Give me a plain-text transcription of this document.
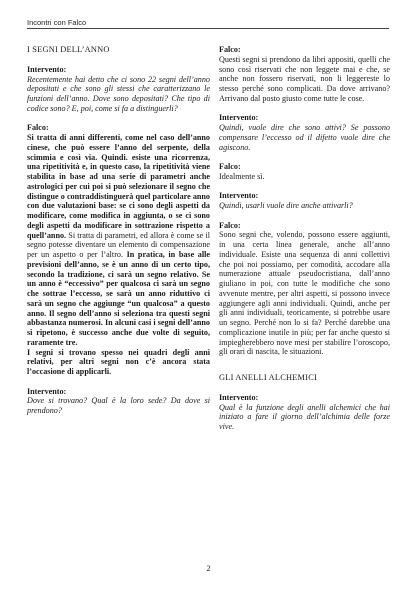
Incontri con Falco
I SEGNI DELL’ANNO
Intervento:
Recentemente hai detto che ci sono 22 segni dell’anno depositati e che sono gli stessi che caratterizzano le funzioni dell’anno. Dove sono depositati? Che tipo di codice sono? E, poi, come si fa a distinguerli?
Falco:
Si tratta di anni differenti, come nel caso dell’anno cinese, che può essere l’anno del serpente, della scimmia e così via. Quindi. esiste una ricorrenza, una ripetitività e, in questo caso, la ripetitività viene stabilita in base ad una serie di parametri anche astrologici per cui poi si può selezionare il segno che distingue o contraddistinguerà quel particolare anno con due valutazioni base: se ci sono degli aspetti da modificare, come modifica in aggiunta, o se ci sono degli aspetti da modificare in sottrazione rispetto a quell’anno. Si tratta di parametri, ed allora è come se il segno potesse diventare un elemento di compensazione per un aspetto o per l’altro. In pratica, in base alle previsioni dell’anno, se è un anno di un certo tipo, secondo la tradizione, ci sarà un segno relativo. Se un anno è “eccessivo” per qualcosa ci sarà un segno che sottrae l’eccesso, se sarà un anno riduttivo ci sarà un segno che aggiunge “un qualcosa” a questo anno. Il segno dell’anno si seleziona tra questi segni abbastanza numerosi. In alcuni casi i segni dell’anno si ripetono, è successo anche due volte di seguito, raramente tre.
I segni si trovano spesso nei quadri degli anni relativi, per altri segni non c’è ancora stata l’occasione di applicarli.
Intervento:
Dove si trovano? Qual è la loro sede? Da dove si prendono?
Falco:
Questi segni si prendono da libri appositi, quelli che sono così riservati che non leggete mai e che, se anche non fossero riservati, non li leggereste lo stesso perché sono complicati. Da dove arrivano? Arrivano dal posto giusto come tutte le cose.
Intervento:
Quindi, vuole dire che sono attivi? Se possono compensare l’eccesso od il difetto vuole dire che agiscono.
Falco:
Idealmente sì.
Intervento:
Quindi, usarli vuole dire anche attivarli?
Falco:
Sono segni che, volendo, possono essere aggiunti, in una certa linea generale, anche all’anno individuale. Esiste una sequenza di anni collettivi che poi noi possiamo, per comodità, accodare alla numerazione attuale pseudocristiana, dall’anno giuliano in poi, con tutte le modifiche che sono avvenute mentre, per altri aspetti, si possono invece aggiungere agli anni individuali. Quindi, anche per gli anni individuali, teoricamente, si potrebbe usare un segno. Perché non lo si fa? Perché darebbe una complicazione inutile in più; per far anche questo si impiegherebbero nove mesi per stabilire l’oroscopo, gli orari di nascita, le situazioni.
GLI ANELLI ALCHEMICI
Intervento:
Qual è la funzione degli anelli alchemici che hai iniziato a fare il giorno dell’alchimia delle forze vive.
2
